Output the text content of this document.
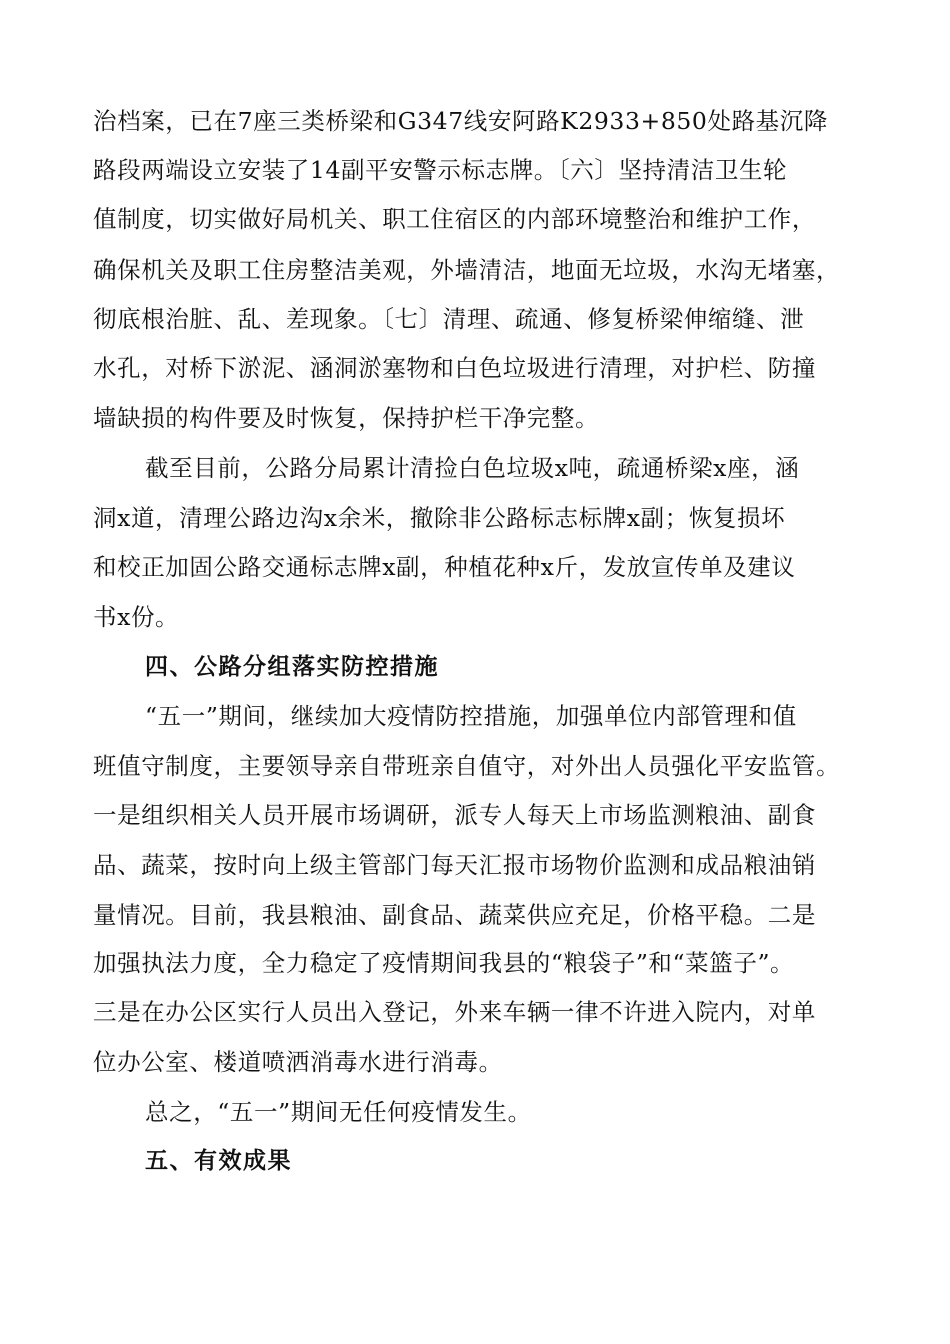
治档案，已在7座三类桥梁和G347线安阿路K2933+850处路基沉降
路段两端设立安装了14副平安警示标志牌。〔六〕坚持清洁卫生轮
值制度，切实做好局机关、职工住宿区的内部环境整治和维护工作，
确保机关及职工住房整洁美观，外墙清洁，地面无垃圾，水沟无堵塞，
彻底根治脏、乱、差现象。〔七〕清理、疏通、修复桥梁伸缩缝、泄
水孔，对桥下淤泥、涵洞淤塞物和白色垃圾进行清理，对护栏、防撞
墙缺损的构件要及时恢复，保持护栏干净完整。
截至目前，公路分局累计清捡白色垃圾x吨，疏通桥梁x座，涵
洞x道，清理公路边沟x余米，撤除非公路标志标牌x副；恢复损坏
和校正加固公路交通标志牌x副，种植花种x斤，发放宣传单及建议
书x份。
四、公路分组落实防控措施
“五一”期间，继续加大疫情防控措施，加强单位内部管理和值
班值守制度，主要领导亲自带班亲自值守，对外出人员强化平安监管。
一是组织相关人员开展市场调研，派专人每天上市场监测粮油、副食
品、蔬菜，按时向上级主管部门每天汇报市场物价监测和成品粮油销
量情况。目前，我县粮油、副食品、蔬菜供应充足，价格平稳。二是
加强执法力度，全力稳定了疫情期间我县的“粮袋子”和“菜篮子”。
三是在办公区实行人员出入登记，外来车辆一律不许进入院内，对单
位办公室、楼道喷洒消毒水进行消毒。
总之，“五一”期间无任何疫情发生。
五、有效成果
